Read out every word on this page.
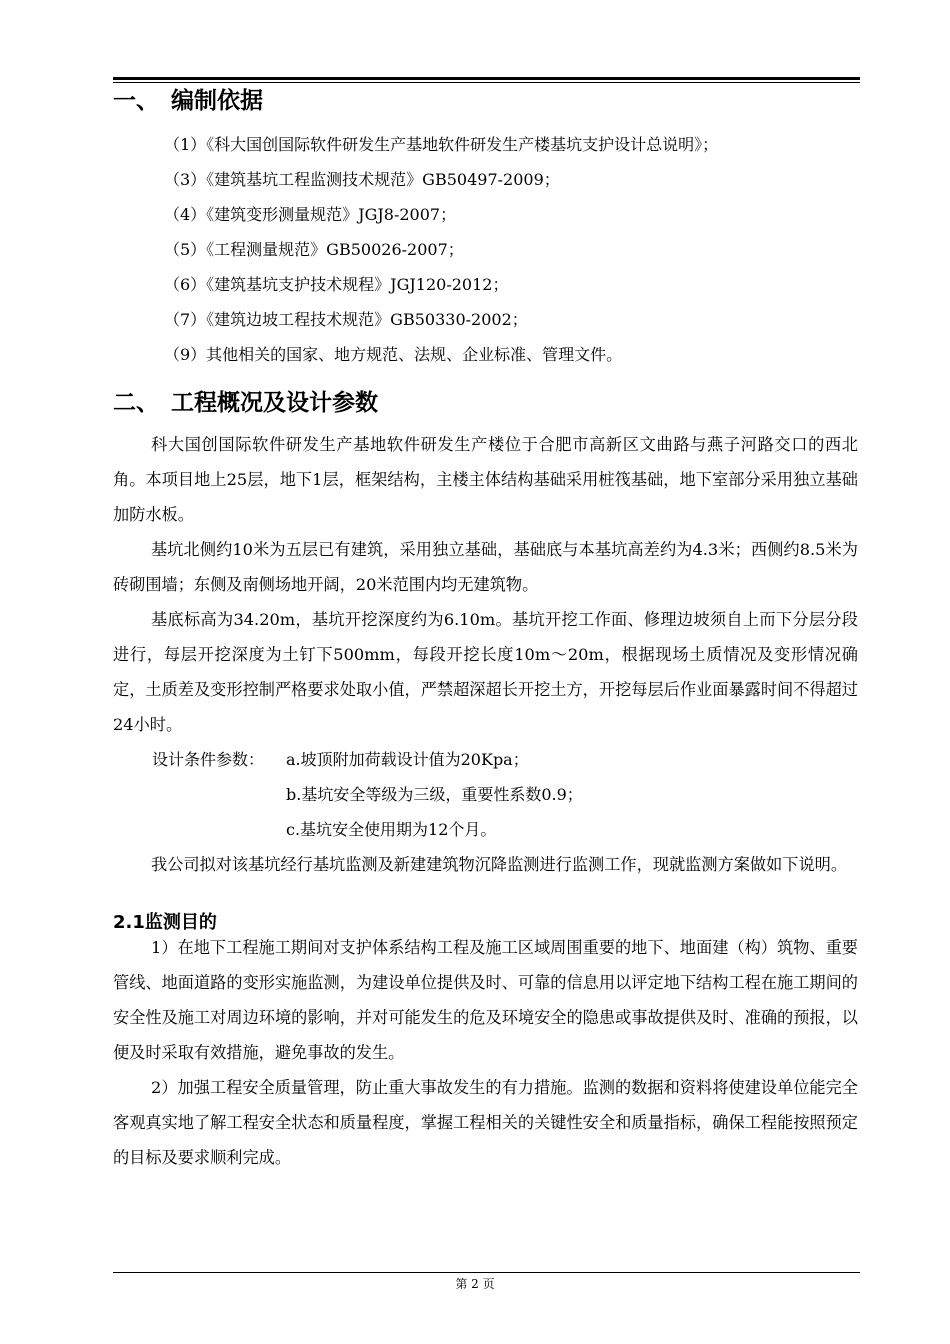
一、 编制依据
（1）《科大国创国际软件研发生产基地软件研发生产楼基坑支护设计总说明》；
（3）《建筑基坑工程监测技术规范》GB50497-2009；
（4）《建筑变形测量规范》JGJ8-2007；
（5）《工程测量规范》GB50026-2007；
（6）《建筑基坑支护技术规程》JGJ120-2012；
（7）《建筑边坡工程技术规范》GB50330-2002；
（9）其他相关的国家、地方规范、法规、企业标准、管理文件。
二、 工程概况及设计参数

科大国创国际软件研发生产基地软件研发生产楼位于合肥市高新区文曲路与燕子河路交口的西北角。本项目地上25层，地下1层，框架结构，主楼主体结构基础采用桩筏基础，地下室部分采用独立基础加防水板。

基坑北侧约10米为五层已有建筑，采用独立基础，基础底与本基坑高差约为4.3米；西侧约8.5米为砖砌围墙；东侧及南侧场地开阔，20米范围内均无建筑物。

基底标高为34.20m，基坑开挖深度约为6.10m。基坑开挖工作面、修理边坡须自上而下分层分段进行，每层开挖深度为土钉下500mm，每段开挖长度10m～20m，根据现场土质情况及变形情况确定，土质差及变形控制严格要求处取小值，严禁超深超长开挖土方，开挖每层后作业面暴露时间不得超过24小时。

设计条件参数： a.坡顶附加荷载设计值为20Kpa；
b.基坑安全等级为三级，重要性系数0.9；
c.基坑安全使用期为12个月。

我公司拟对该基坑经行基坑监测及新建建筑物沉降监测进行监测工作，现就监测方案做如下说明。

2.1监测目的

1）在地下工程施工期间对支护体系结构工程及施工区域周围重要的地下、地面建（构）筑物、重要管线、地面道路的变形实施监测，为建设单位提供及时、可靠的信息用以评定地下结构工程在施工期间的安全性及施工对周边环境的影响，并对可能发生的危及环境安全的隐患或事故提供及时、准确的预报，以便及时采取有效措施，避免事故的发生。

2）加强工程安全质量管理，防止重大事故发生的有力措施。监测的数据和资料将使建设单位能完全客观真实地了解工程安全状态和质量程度，掌握工程相关的关键性安全和质量指标，确保工程能按照预定的目标及要求顺利完成。

第 2 页
